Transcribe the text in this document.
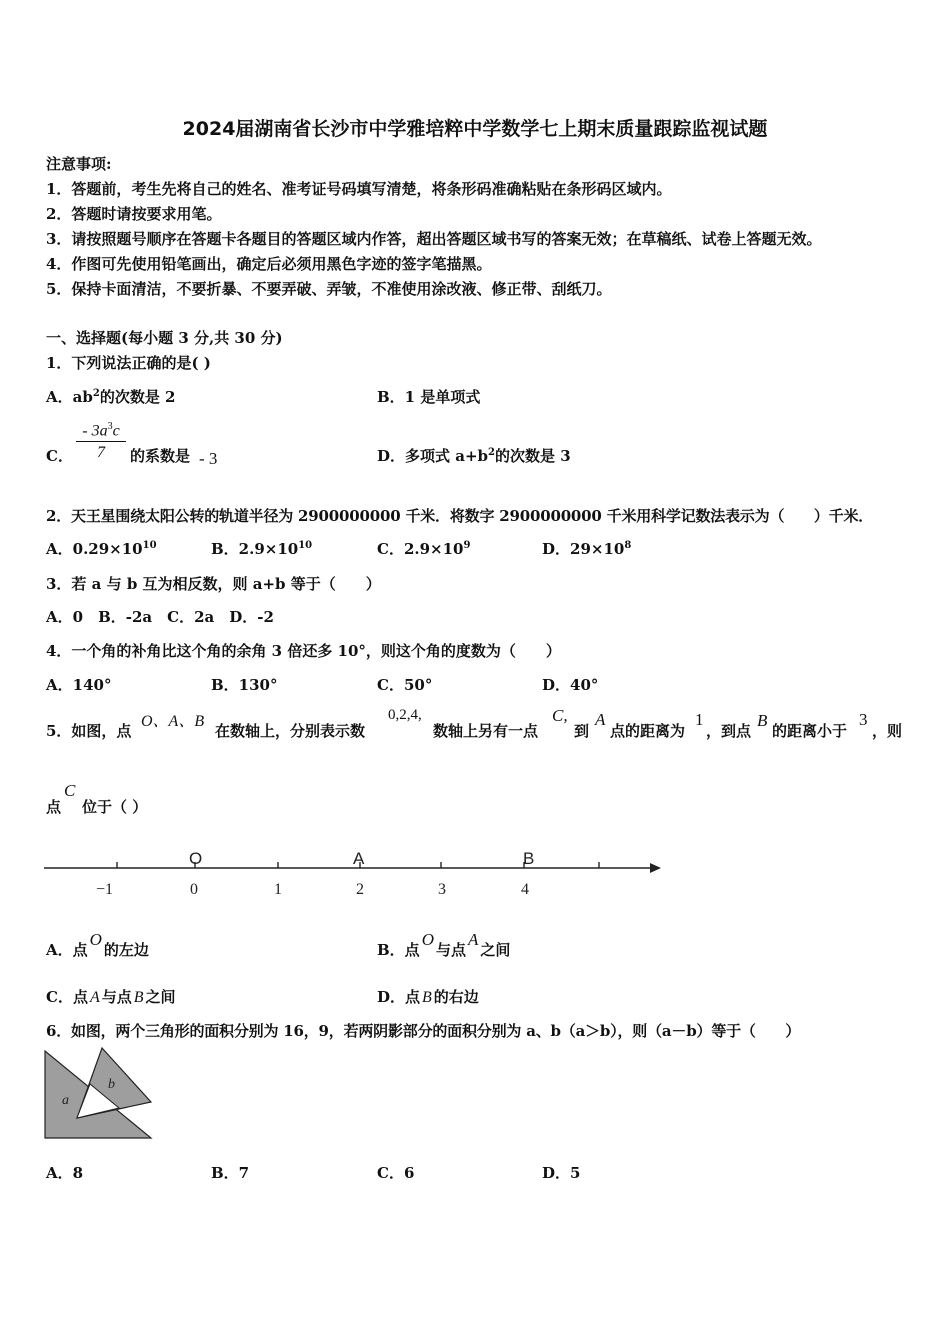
2024届湖南省长沙市中学雅培粹中学数学七上期末质量跟踪监视试题
注意事项:
1．答题前，考生先将自己的姓名、准考证号码填写清楚，将条形码准确粘贴在条形码区域内。
2．答题时请按要求用笔。
3．请按照题号顺序在答题卡各题目的答题区域内作答，超出答题区域书写的答案无效；在草稿纸、试卷上答题无效。
4．作图可先使用铅笔画出，确定后必须用黑色字迹的签字笔描黑。
5．保持卡面清洁，不要折暴、不要弄破、弄皱，不准使用涂改液、修正带、刮纸刀。
一、选择题(每小题 3 分,共 30 分)
1．下列说法正确的是( )
A．$ab^2$的次数是 2	B．1 是单项式
C． $\frac{- 3a^3c}{7}$ 的系数是 - 3	D．多项式 $a+b^2$的次数是 3
2．天王星围绕太阳公转的轨道半径为 2900000000 千米．将数字 2900000000 千米用科学记数法表示为（　　）千米．
A．$0.29\times 10^{10}$	B．$2.9\times 10^{10}$	C．$2.9\times 10^9$	D．$29\times 10^8$
3．若 a 与 b 互为相反数，则 a+b 等于（　　）
A．0　B．-2a　C．2a　D．-2
4．一个角的补角比这个角的余角 3 倍还多 10°，则这个角的度数为（　　）
A．140°	B．130°	C．50°	D．40°
5．如图，点
O、A、B
在数轴上，分别表示数
0,2,4,
数轴上另有一点
C,
到
A
点的距离为
1
，到点
B
的距离小于
3
，则
点
C
位于（ ）
O	A	B
−1	0	1	2	3	4
A．点O的左边	B．点O与点A之间
C．点 A 与点 B 之间	D．点 B 的右边
6．如图，两个三角形的面积分别为 16，9，若两阴影部分的面积分别为 a、b（a＞b），则（a－b）等于（　　）
a
b
A．8	B．7	C．6	D．5
